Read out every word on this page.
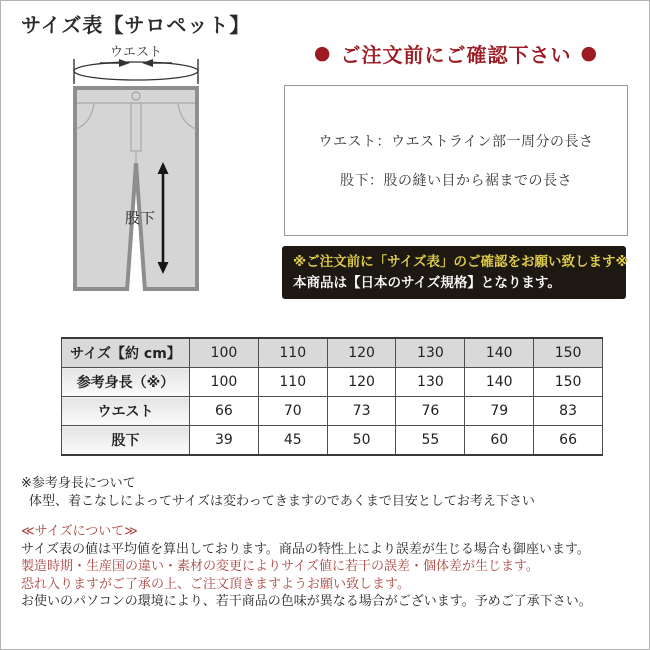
サイズ表【サロペット】
ウエスト
股下
● ご注文前にご確認下さい ●

ウエスト：ウエストライン部一周分の長さ

股下：股の縫い目から裾までの長さ

※ご注文前に「サイズ表」のご確認をお願い致します※

本商品は【日本のサイズ規格】となります。

サイズ【約 cm】	100	110	120	130	140	150
参考身長（※）	100	110	120	130	140	150
ウエスト	66	70	73	76	79	83
股下	39	45	50	55	60	66

※参考身長について

体型、着こなしによってサイズは変わってきますのであくまで目安としてお考え下さい

≪サイズについて≫

サイズ表の値は平均値を算出しております。商品の特性上により誤差が生じる場合も御座います。

製造時期・生産国の違い・素材の変更によりサイズ値に若干の誤差・個体差が生じます。

恐れ入りますがご了承の上、ご注文頂きますようお願い致します。

お使いのパソコンの環境により、若干商品の色味が異なる場合がございます。予めご了承下さい。
